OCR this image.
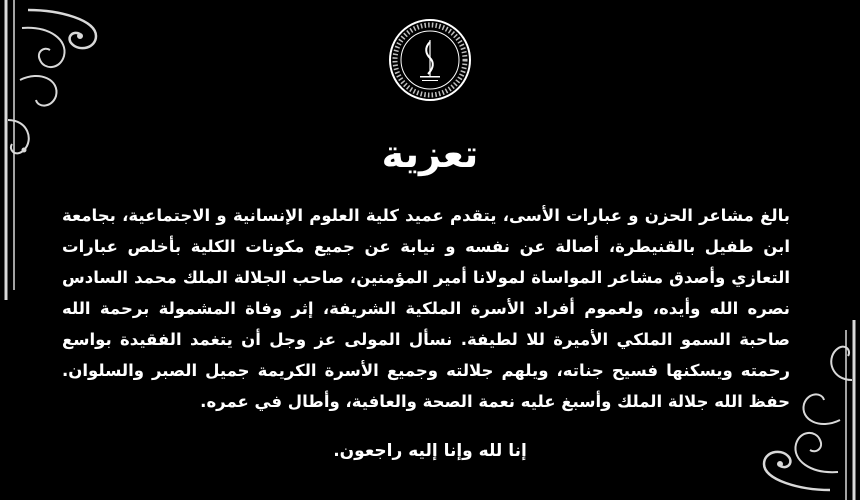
تعزية

بالغ مشاعر الحزن و عبارات الأسى، يتقدم عميد كلية العلوم الإنسانية و الاجتماعية، بجامعة ابن طفيل بالقنيطرة، أصالة عن نفسه و نيابة عن جميع مكونات الكلية بأخلص عبارات التعازي وأصدق مشاعر المواساة لمولانا أمير المؤمنين، صاحب الجلالة الملك محمد السادس نصره الله وأيده، ولعموم أفراد الأسرة الملكية الشريفة، إثر وفاة المشمولة برحمة الله صاحبة السمو الملكي الأميرة للا لطيفة. نسأل المولى عز وجل أن يتغمد الفقيدة بواسع رحمته ويسكنها فسيح جناته، ويلهم جلالته وجميع الأسرة الكريمة جميل الصبر والسلوان. حفظ الله جلالة الملك وأسبغ عليه نعمة الصحة والعافية، وأطال في عمره.

إنا لله وإنا إليه راجعون.
